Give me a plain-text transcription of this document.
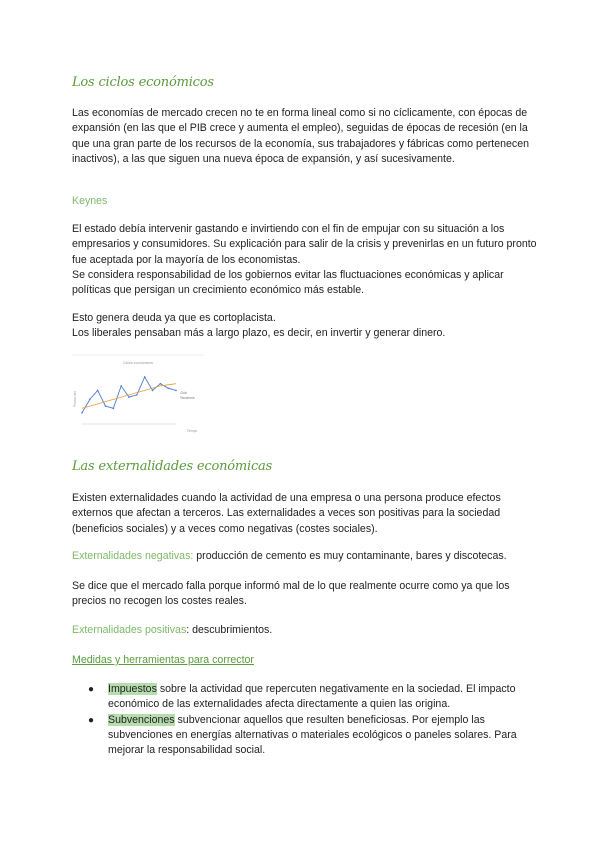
Los ciclos económicos
Las economías de mercado crecen no te en forma lineal como si no cíclicamente, con épocas de expansión (en las que el PIB crece y aumenta el empleo), seguidas de épocas de recesión (en la que una gran parte de los recursos de la economía, sus trabajadores y fábricas como pertenecen inactivos), a las que siguen una nueva época de expansión, y así sucesivamente.
Keynes
El estado debía intervenir gastando e invirtiendo con el fin de empujar con su situación a los empresarios y consumidores. Su explicación para salir de la crisis y prevenirlas en un futuro pronto fue aceptada por la mayoría de los economistas.
Se considera responsabilidad de los gobiernos evitar las fluctuaciones económicas y aplicar políticas que persigan un crecimiento económico más estable.
Esto genera deuda ya que es cortoplacista.
Los liberales pensaban más a largo plazo, es decir, en invertir y generar dinero.
Ciclos económicos
Producción
Tiempo
Ciclo
Tendencia
Las externalidades económicas
Existen externalidades cuando la actividad de una empresa o una persona produce efectos externos que afectan a terceros. Las externalidades a veces son positivas para la sociedad (beneficios sociales) y a veces como negativas (costes sociales).
Externalidades negativas: producción de cemento es muy contaminante, bares y discotecas.
Se dice que el mercado falla porque informó mal de lo que realmente ocurre como ya que los precios no recogen los costes reales.
Externalidades positivas: descubrimientos.
Medidas y herramientas para corrector
● Impuestos sobre la actividad que repercuten negativamente en la sociedad. El impacto económico de las externalidades afecta directamente a quien las origina.
● Subvenciones subvencionar aquellos que resulten beneficiosas. Por ejemplo las subvenciones en energías alternativas o materiales ecológicos o paneles solares. Para mejorar la responsabilidad social.
